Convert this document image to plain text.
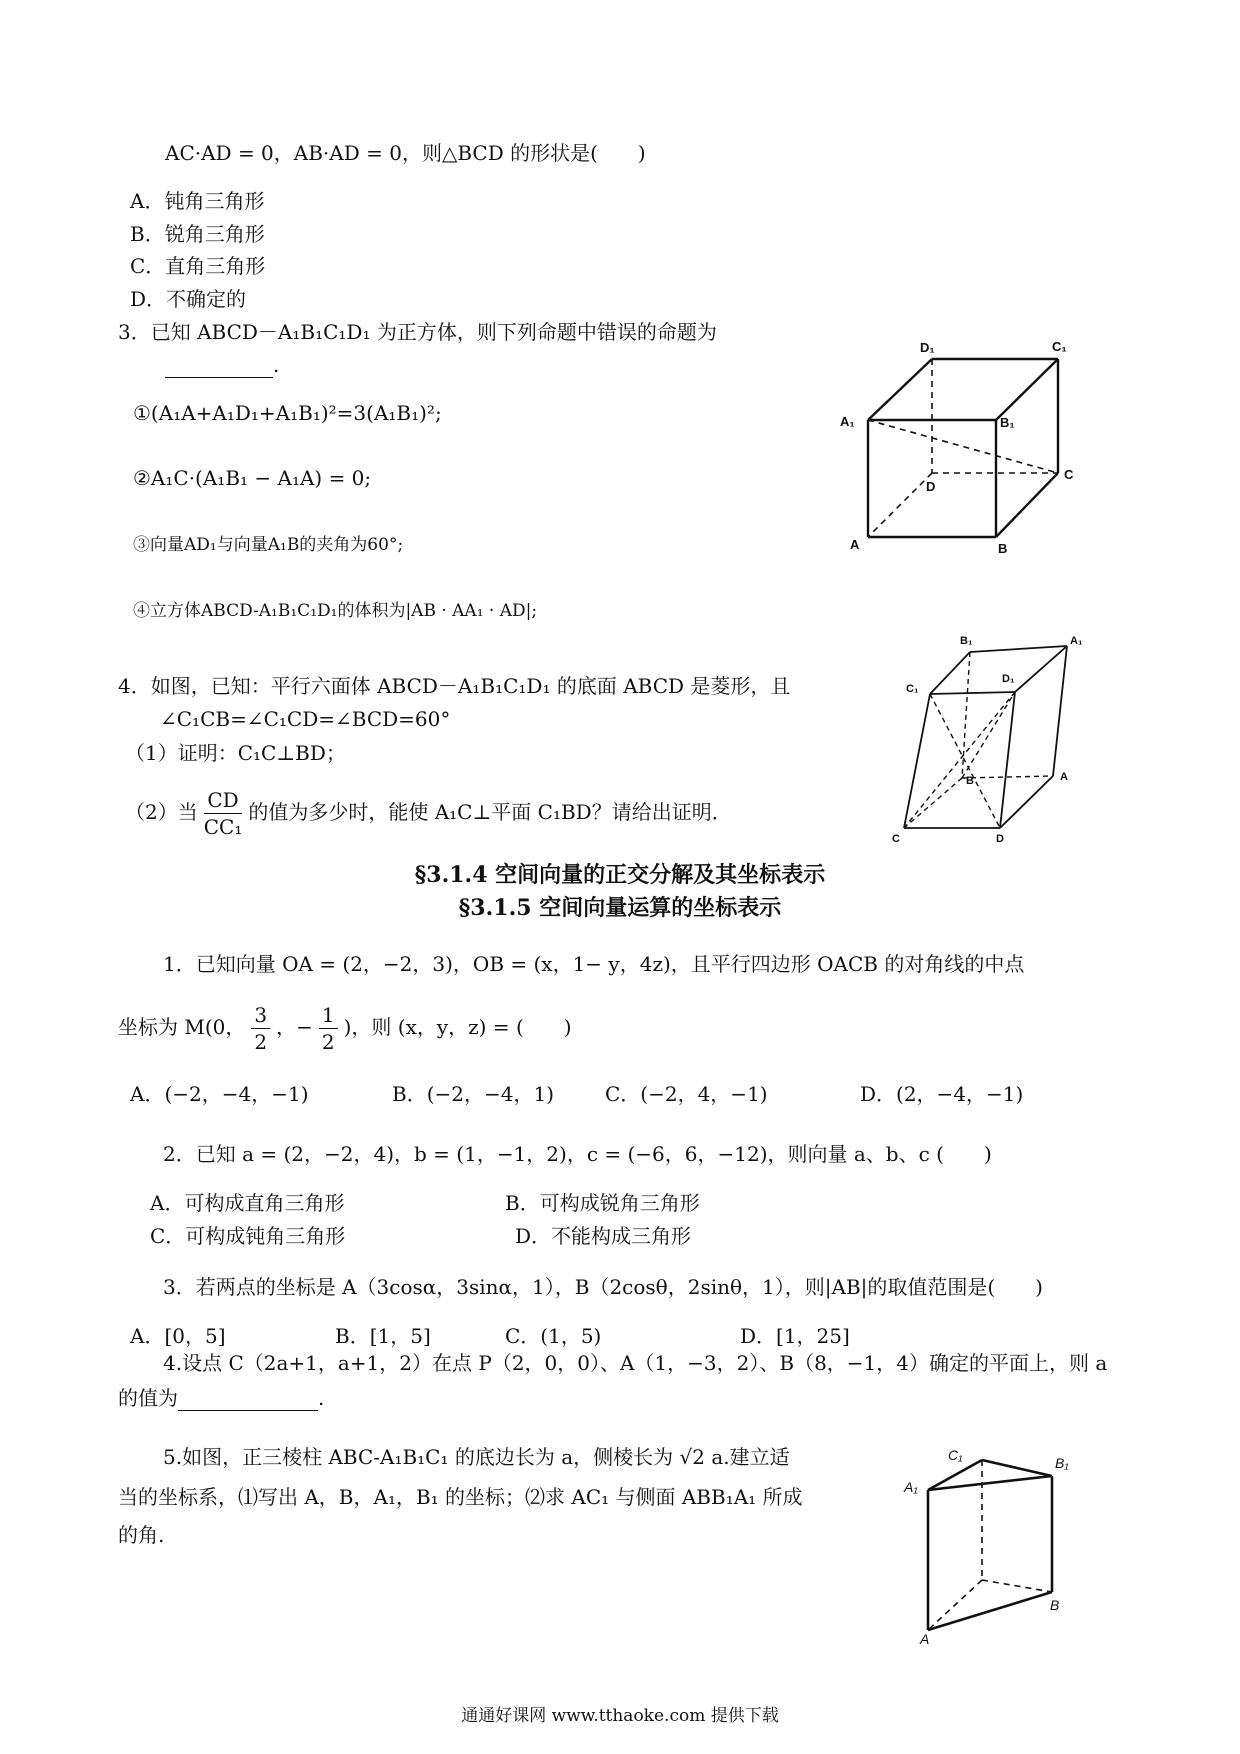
AC·AD = 0，AB·AD = 0，则△BCD 的形状是(　　)
A．钝角三角形
B．锐角三角形
C．直角三角形
D．不确定的
3．已知 ABCD－A₁B₁C₁D₁ 为正方体，则下列命题中错误的命题为
.
①(A₁A+A₁D₁+A₁B₁)²=3(A₁B₁)²;
②A₁C·(A₁B₁ − A₁A) = 0;
③向量AD₁与向量A₁B的夹角为60°;
④立方体ABCD-A₁B₁C₁D₁的体积为|AB · AA₁ · AD|;
D₁	C₁
A₁	B₁
D
C
A	B
4．如图，已知：平行六面体 ABCD－A₁B₁C₁D₁ 的底面 ABCD 是菱形，且
∠C₁CB=∠C₁CD=∠BCD=60°
（1）证明：C₁C⊥BD；
（2）当 $\frac{CD}{\text{CC₁}}$ 的值为多少时，能使 A₁C⊥平面 C₁BD？请给出证明．
B₁	A₁
C₁
D₁
B	A
C	D
§3.1.4 空间向量的正交分解及其坐标表示
§3.1.5 空间向量运算的坐标表示
1．已知向量 OA = (2，−2，3)，OB = (x，1− y，4z)，且平行四边形 OACB 的对角线的中点
坐标为 M(0， $\frac{3}{2}$ ，− $\frac{1}{2}$ )，则 (x，y，z) = (　　)
A．(−2，−4，−1)	B．(−2，−4，1)	C．(−2，4，−1)	D．(2，−4，−1)
2．已知 a = (2，−2，4)，b = (1，−1，2)，c = (−6，6，−12)，则向量 a、b、c (　　)
A．可构成直角三角形	B．可构成锐角三角形
C．可构成钝角三角形	D．不能构成三角形
3．若两点的坐标是 A（3cosα，3sinα，1），B（2cosθ，2sinθ，1），则|AB|的取值范围是(　　)
A．[0，5]	B．[1，5]	C．(1，5)	D．[1，25]
4.设点 C（2a+1，a+1，2）在点 P（2，0，0）、A（1，−3，2）、B（8，−1，4）确定的平面上，则 a
的值为	.
5.如图，正三棱柱 ABC-A₁B₁C₁ 的底边长为 a，侧棱长为 √2 a.建立适
当的坐标系，⑴写出 A，B，A₁，B₁ 的坐标；⑵求 AC₁ 与侧面 ABB₁A₁ 所成
的角.
C₁	B₁
A₁
B
A
通通好课网 www.tthaoke.com 提供下载
